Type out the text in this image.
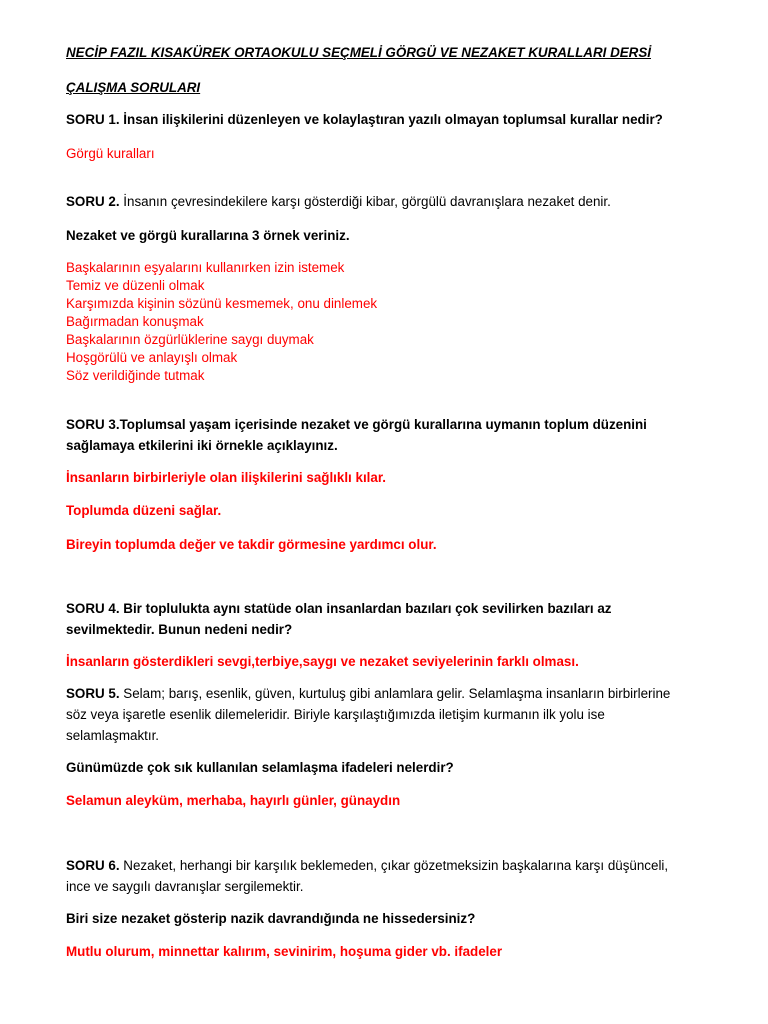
NECİP FAZIL KISAKÜREK ORTAOKULU SEÇMELİ GÖRGÜ VE NEZAKET KURALLARI DERSİ
ÇALIŞMA SORULARI
SORU 1. İnsan ilişkilerini düzenleyen ve kolaylaştıran yazılı olmayan toplumsal kurallar nedir?
Görgü kuralları
SORU 2. İnsanın çevresindekilere karşı gösterdiği kibar, görgülü davranışlara nezaket denir.
Nezaket ve görgü kurallarına 3 örnek veriniz.
Başkalarının eşyalarını kullanırken izin istemek
Temiz ve düzenli olmak
Karşımızda kişinin sözünü kesmemek, onu dinlemek
Bağırmadan konuşmak
Başkalarının özgürlüklerine saygı duymak
Hoşgörülü ve anlayışlı olmak
Söz verildiğinde tutmak
SORU 3.Toplumsal yaşam içerisinde nezaket ve görgü kurallarına uymanın toplum düzenini
sağlamaya etkilerini iki örnekle açıklayınız.
İnsanların birbirleriyle olan ilişkilerini sağlıklı kılar.
Toplumda düzeni sağlar.
Bireyin toplumda değer ve takdir görmesine yardımcı olur.
SORU 4. Bir toplulukta aynı statüde olan insanlardan bazıları çok sevilirken bazıları az
sevilmektedir. Bunun nedeni nedir?
İnsanların gösterdikleri sevgi,terbiye,saygı ve nezaket seviyelerinin farklı olması.
SORU 5. Selam; barış, esenlik, güven, kurtuluş gibi anlamlara gelir. Selamlaşma insanların birbirlerine
söz veya işaretle esenlik dilemeleridir. Biriyle karşılaştığımızda iletişim kurmanın ilk yolu ise
selamlaşmaktır.
Günümüzde çok sık kullanılan selamlaşma ifadeleri nelerdir?
Selamun aleyküm, merhaba, hayırlı günler, günaydın
SORU 6. Nezaket, herhangi bir karşılık beklemeden, çıkar gözetmeksizin başkalarına karşı düşünceli,
ince ve saygılı davranışlar sergilemektir.
Biri size nezaket gösterip nazik davrandığında ne hissedersiniz?
Mutlu olurum, minnettar kalırım, sevinirim, hoşuma gider vb. ifadeler
